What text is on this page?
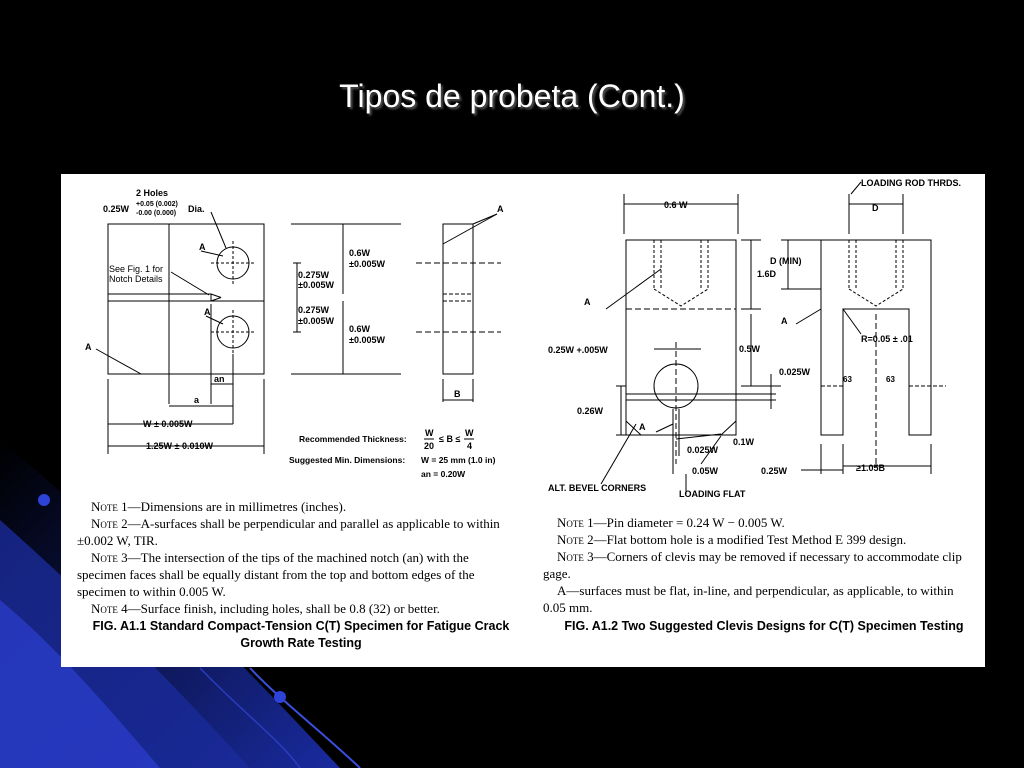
Tipos de probeta (Cont.)
2 Holes
0.25W +0.05 (0.002)
-0.00 (0.000) Dia.
See Fig. 1 for
Notch Details
A
A
A
A
an
a
W ± 0.005W
1.25W ± 0.010W
0.6W
±0.005W
0.275W
±0.005W
0.275W
±0.005W
0.6W
±0.005W
B
Recommended Thickness:
W
20
≤ B ≤
W
4
Suggested Min. Dimensions: W = 25 mm (1.0 in)
an = 0.20W
LOADING ROD THRDS.
D
0.6 W
D (MIN)
1.6D
A
A
R=0.05 ± .01
0.25W +.005W	0.5W
0.025W
63	63
0.26W
A
0.1W
0.025W
0.05W	0.25W	≥1.05B
ALT. BEVEL CORNERS
LOADING FLAT
Note 1—Dimensions are in millimetres (inches).
Note 2—A-surfaces shall be perpendicular and parallel as applicable to within ±0.002 W, TIR.
Note 3—The intersection of the tips of the machined notch (an) with the specimen faces shall be equally distant from the top and bottom edges of the specimen to within 0.005 W.
Note 4—Surface finish, including holes, shall be 0.8 (32) or better.
FIG. A1.1 Standard Compact-Tension C(T) Specimen for Fatigue Crack Growth Rate Testing
Note 1—Pin diameter = 0.24 W − 0.005 W.
Note 2—Flat bottom hole is a modified Test Method E 399 design.
Note 3—Corners of clevis may be removed if necessary to accommodate clip gage.
A—surfaces must be flat, in-line, and perpendicular, as applicable, to within 0.05 mm.
FIG. A1.2 Two Suggested Clevis Designs for C(T) Specimen Testing
